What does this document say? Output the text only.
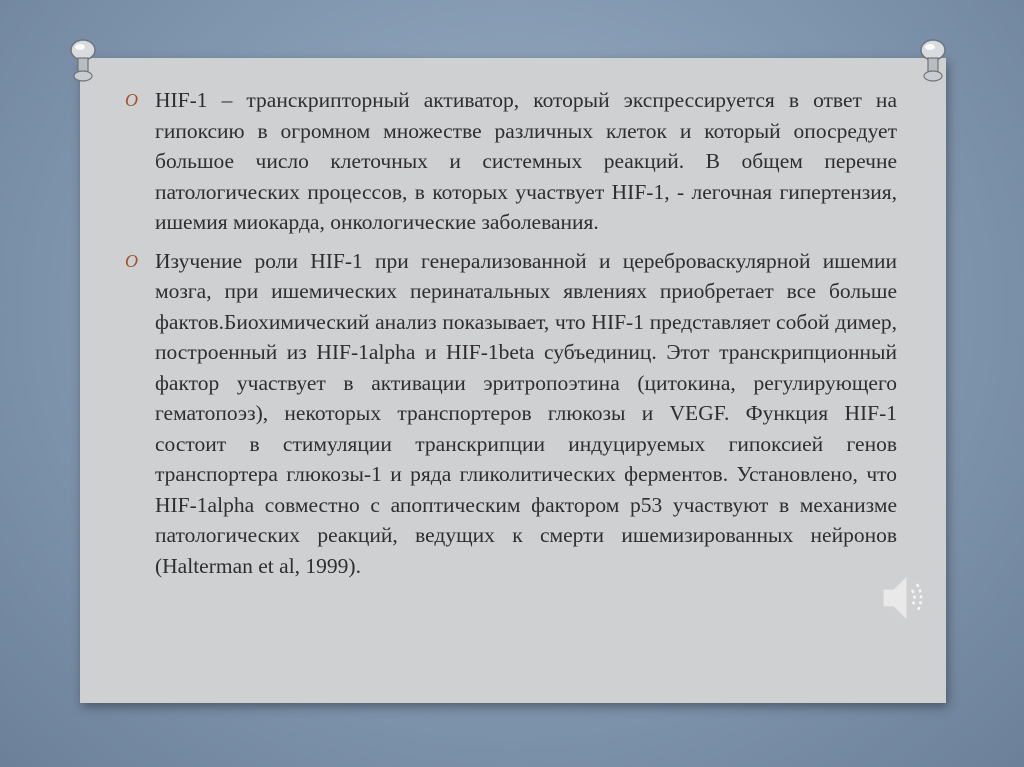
O HIF-1 – транскрипторный активатор, который экспрессируется в ответ на гипоксию в огромном множестве различных клеток и который опосредует большое число клеточных и системных реакций. В общем перечне патологических процессов, в которых участвует HIF-1, - легочная гипертензия, ишемия миокарда, онкологические заболевания.
O Изучение роли HIF-1 при генерализованной и цереброваскулярной ишемии мозга, при ишемических перинатальных явлениях приобретает все больше фактов.Биохимический анализ показывает, что HIF-1 представляет собой димер, построенный из HIF-1alpha и HIF-1beta субъединиц. Этот транскрипционный фактор участвует в активации эритропоэтина (цитокина, регулирующего гематопоэз), некоторых транспортеров глюкозы и VEGF. Функция HIF-1 состоит в стимуляции транскрипции индуцируемых гипоксией генов транспортера глюкозы-1 и ряда гликолитических ферментов. Установлено, что HIF-1alpha совместно с апоптическим фактором p53 участвуют в механизме патологических реакций, ведущих к смерти ишемизированных нейронов (Halterman et al, 1999).
